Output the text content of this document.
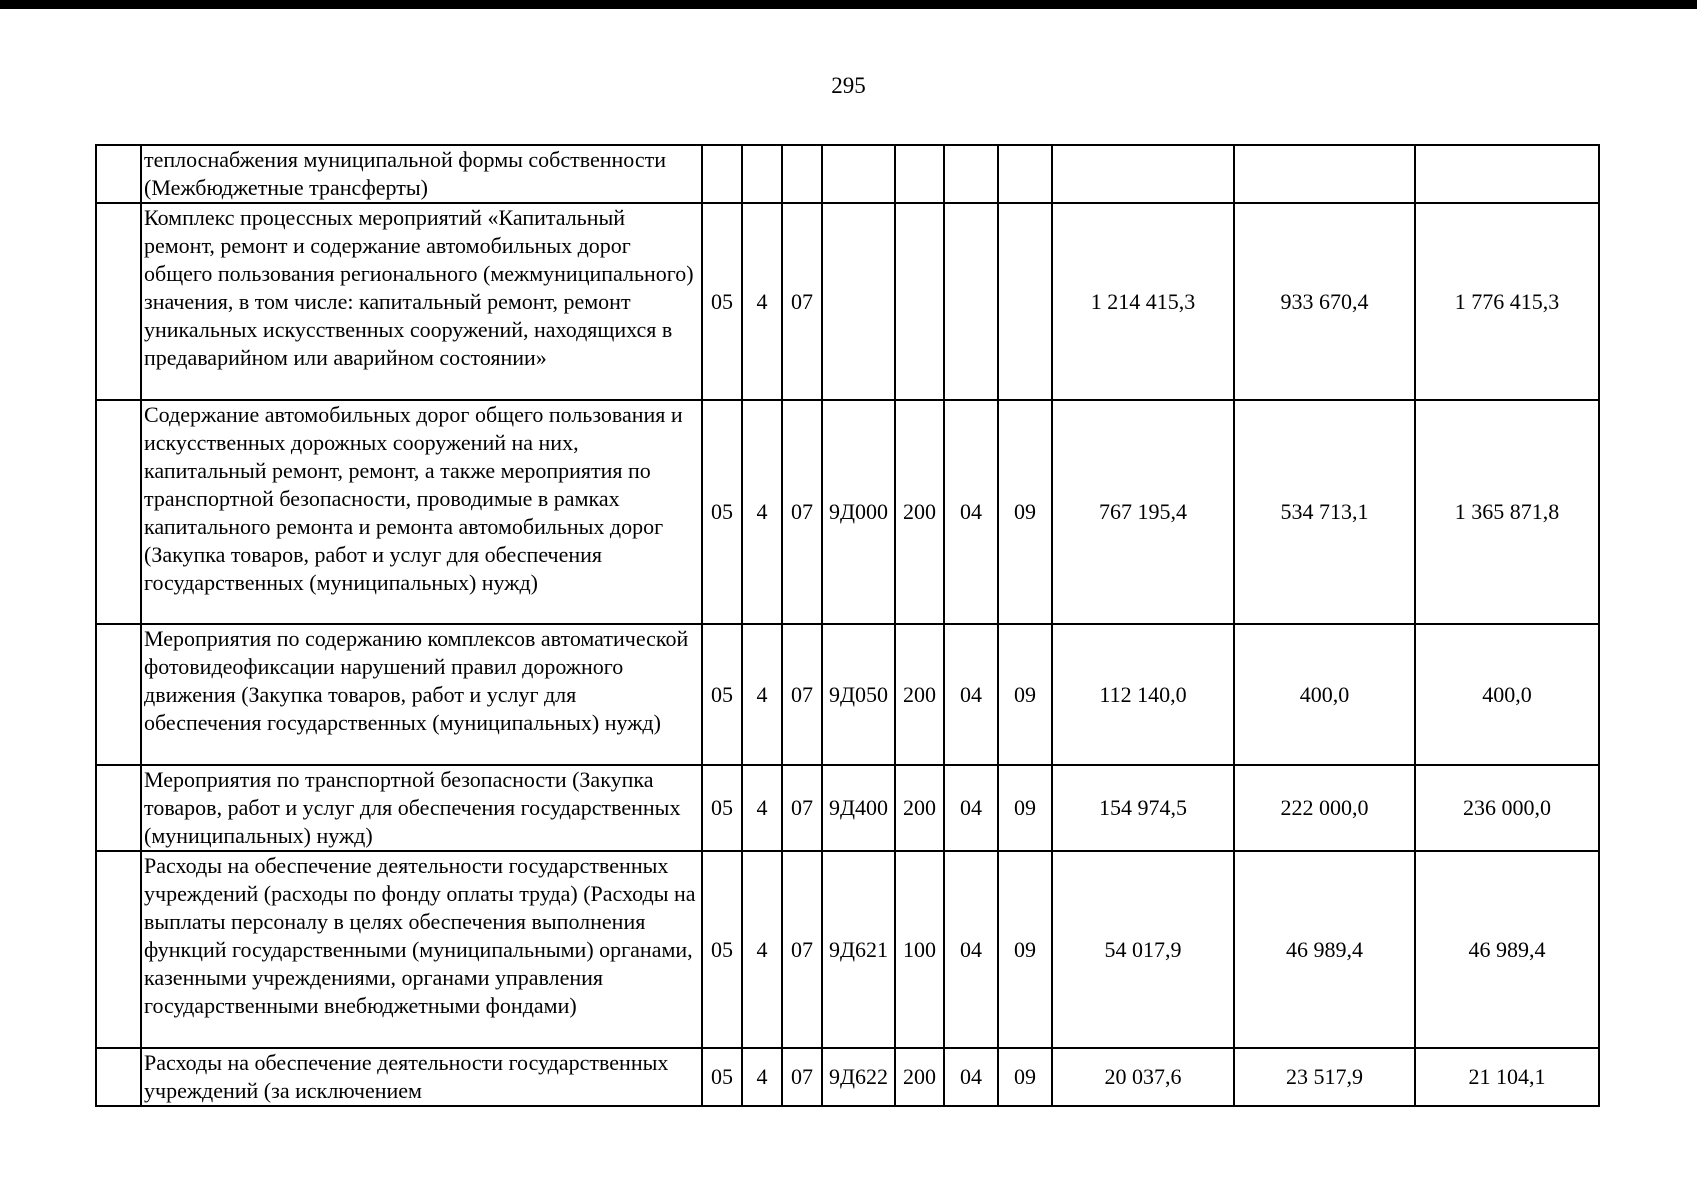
295
	теплоснабжения муниципальной формы собственности (Межбюджетные трансферты)										
	Комплекс процессных мероприятий «Капитальный ремонт, ремонт и содержание автомобильных дорог общего пользования регионального (межмуниципального) значения, в том числе: капитальный ремонт, ремонт уникальных искусственных сооружений, находящихся в предаварийном или аварийном состоянии»	05	4	07					1 214 415,3	933 670,4	1 776 415,3
	Содержание автомобильных дорог общего пользования и искусственных дорожных сооружений на них, капитальный ремонт, ремонт, а также мероприятия по транспортной безопасности, проводимые в рамках капитального ремонта и ремонта автомобильных дорог (Закупка товаров, работ и услуг для обеспечения государственных (муниципальных) нужд)	05	4	07	9Д000	200	04	09	767 195,4	534 713,1	1 365 871,8
	Мероприятия по содержанию комплексов автоматической фотовидеофиксации нарушений правил дорожного движения (Закупка товаров, работ и услуг для обеспечения государственных (муниципальных) нужд)	05	4	07	9Д050	200	04	09	112 140,0	400,0	400,0
	Мероприятия по транспортной безопасности (Закупка товаров, работ и услуг для обеспечения государственных (муниципальных) нужд)	05	4	07	9Д400	200	04	09	154 974,5	222 000,0	236 000,0
	Расходы на обеспечение деятельности государственных учреждений (расходы по фонду оплаты труда) (Расходы на выплаты персоналу в целях обеспечения выполнения функций государственными (муниципальными) органами, казенными учреждениями, органами управления государственными внебюджетными фондами)	05	4	07	9Д621	100	04	09	54 017,9	46 989,4	46 989,4
	Расходы на обеспечение деятельности государственных учреждений (за исключением	05	4	07	9Д622	200	04	09	20 037,6	23 517,9	21 104,1
